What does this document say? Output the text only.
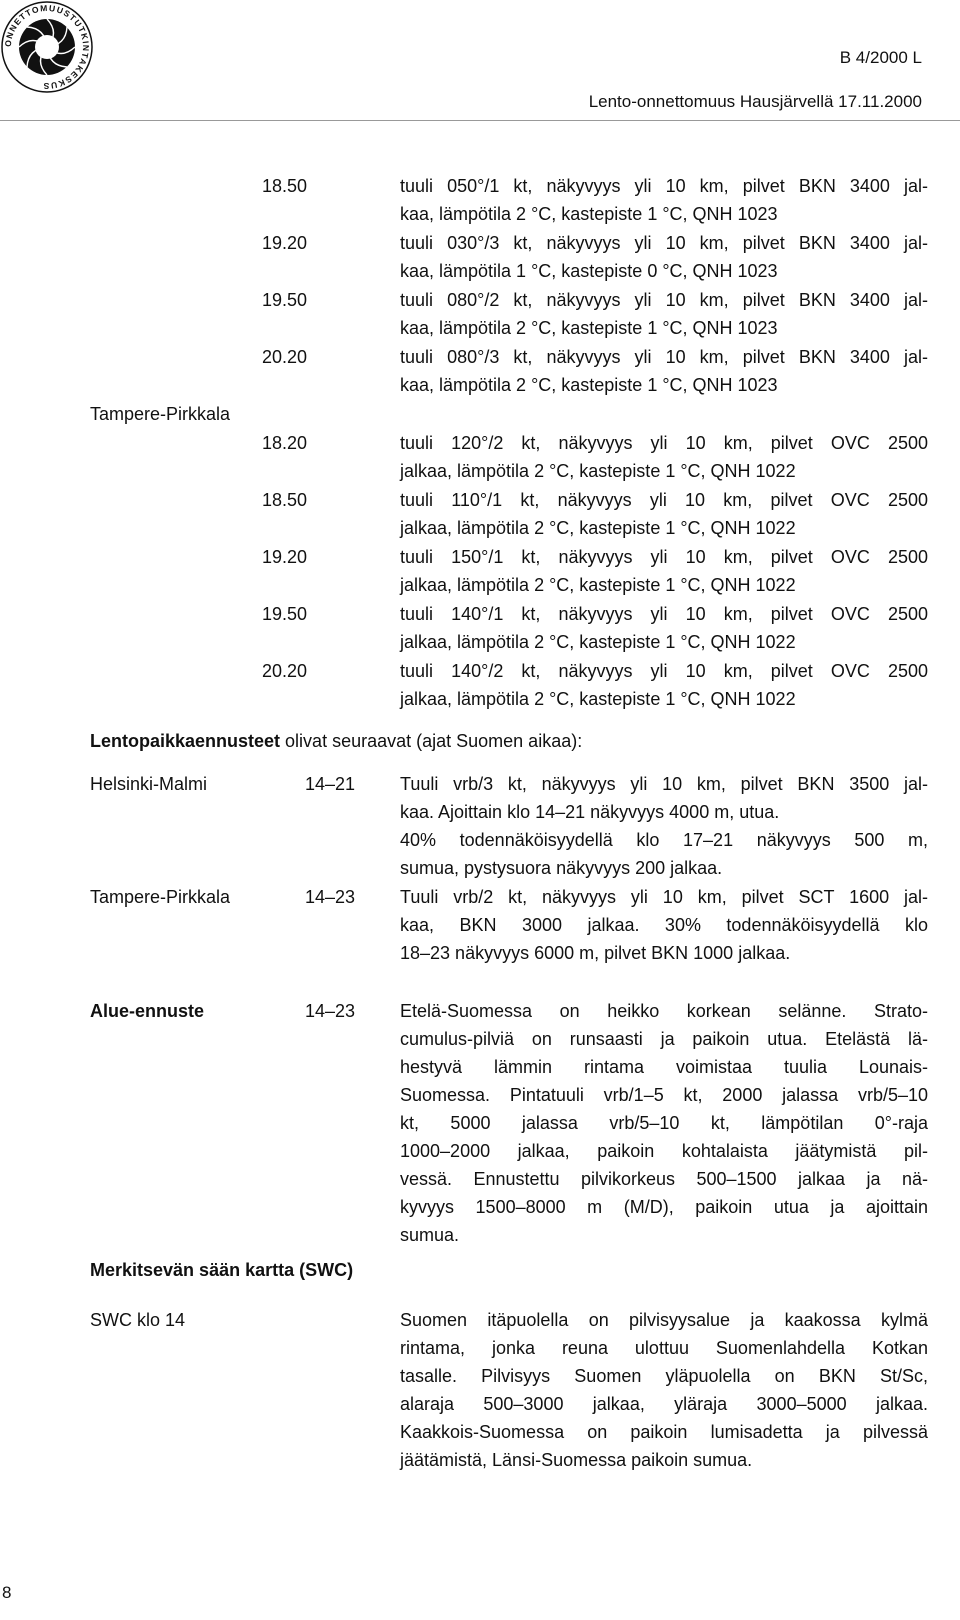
ONNETTOMUUSTUTKINTAKESKUS
B 4/2000 L
Lento-onnettomuus Hausjärvellä 17.11.2000
18.50	tuuli 050°/1 kt, näkyvyys yli 10 km, pilvet BKN 3400 jal-
kaa, lämpötila 2 °C, kastepiste 1 °C, QNH 1023
19.20	tuuli 030°/3 kt, näkyvyys yli 10 km, pilvet BKN 3400 jal-
kaa, lämpötila 1 °C, kastepiste 0 °C, QNH 1023
19.50	tuuli 080°/2 kt, näkyvyys yli 10 km, pilvet BKN 3400 jal-
kaa, lämpötila 2 °C, kastepiste 1 °C, QNH 1023
20.20	tuuli 080°/3 kt, näkyvyys yli 10 km, pilvet BKN 3400 jal-
kaa, lämpötila 2 °C, kastepiste 1 °C, QNH 1023
Tampere-Pirkkala
18.20	tuuli 120°/2 kt, näkyvyys yli 10 km, pilvet OVC 2500
jalkaa, lämpötila 2 °C, kastepiste 1 °C, QNH 1022
18.50	tuuli 110°/1 kt, näkyvyys yli 10 km, pilvet OVC 2500
jalkaa, lämpötila 2 °C, kastepiste 1 °C, QNH 1022
19.20	tuuli 150°/1 kt, näkyvyys yli 10 km, pilvet OVC 2500
jalkaa, lämpötila 2 °C, kastepiste 1 °C, QNH 1022
19.50	tuuli 140°/1 kt, näkyvyys yli 10 km, pilvet OVC 2500
jalkaa, lämpötila 2 °C, kastepiste 1 °C, QNH 1022
20.20	tuuli 140°/2 kt, näkyvyys yli 10 km, pilvet OVC 2500
jalkaa, lämpötila 2 °C, kastepiste 1 °C, QNH 1022
Lentopaikkaennusteet olivat seuraavat (ajat Suomen aikaa):
Helsinki-Malmi	14–21 Tuuli vrb/3 kt, näkyvyys yli 10 km, pilvet BKN 3500 jal-
kaa. Ajoittain klo 14–21 näkyvyys 4000 m, utua.
40% todennäköisyydellä klo 17–21 näkyvyys 500 m,
sumua, pystysuora näkyvyys 200 jalkaa.
Tampere-Pirkkala	14–23 Tuuli vrb/2 kt, näkyvyys yli 10 km, pilvet SCT 1600 jal-
kaa, BKN 3000 jalkaa. 30% todennäköisyydellä klo
18–23 näkyvyys 6000 m, pilvet BKN 1000 jalkaa.
Alue-ennuste	14–23 Etelä-Suomessa on heikko korkean selänne. Strato-
cumulus-pilviä on runsaasti ja paikoin utua. Etelästä lä-
hestyvä lämmin rintama voimistaa tuulia Lounais-
Suomessa. Pintatuuli vrb/1–5 kt, 2000 jalassa vrb/5–10
kt, 5000 jalassa vrb/5–10 kt, lämpötilan 0°-raja
1000–2000 jalkaa, paikoin kohtalaista jäätymistä pil-
vessä. Ennustettu pilvikorkeus 500–1500 jalkaa ja nä-
kyvyys 1500–8000 m (M/D), paikoin utua ja ajoittain
sumua.
Merkitsevän sään kartta (SWC)
SWC klo 14	Suomen itäpuolella on pilvisyysalue ja kaakossa kylmä
rintama, jonka reuna ulottuu Suomenlahdella Kotkan
tasalle. Pilvisyys Suomen yläpuolella on BKN St/Sc,
alaraja 500–3000 jalkaa, yläraja 3000–5000 jalkaa.
Kaakkois-Suomessa on paikoin lumisadetta ja pilvessä
jäätämistä, Länsi-Suomessa paikoin sumua.
8
